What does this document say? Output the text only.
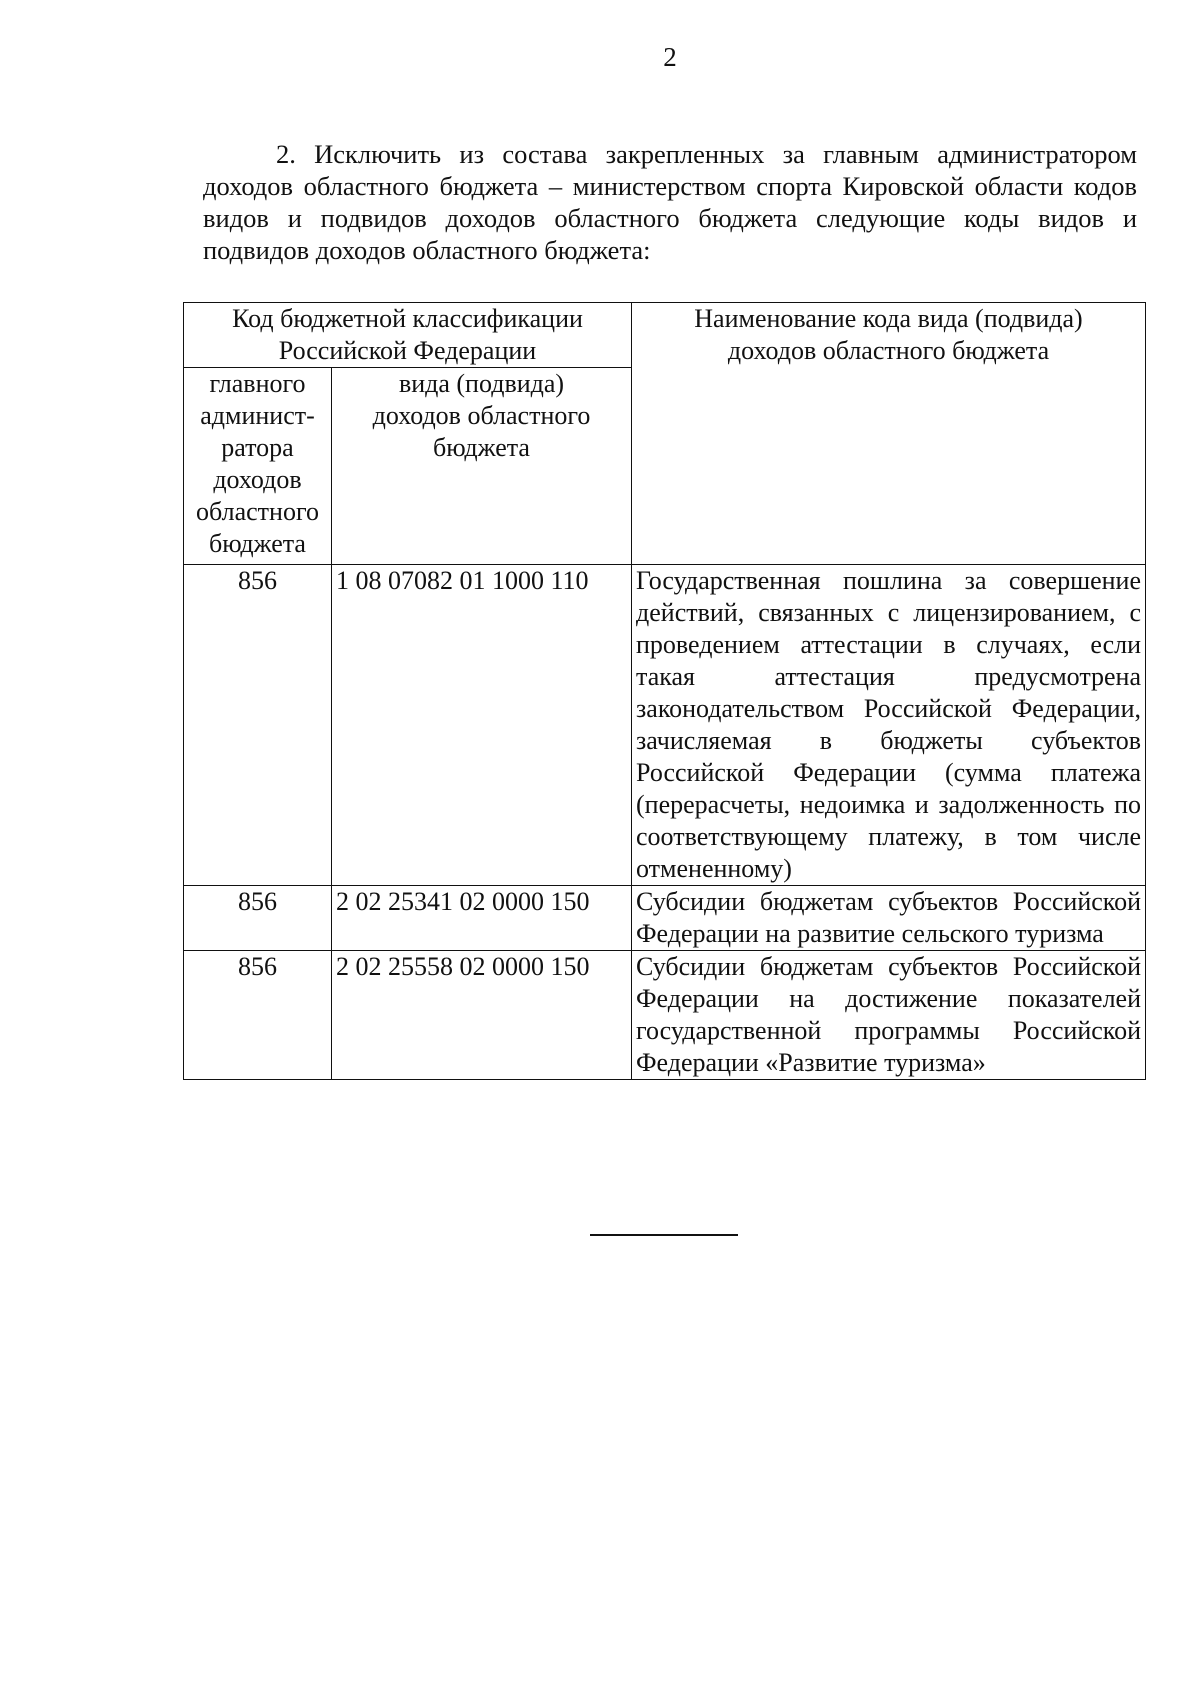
2

2. Исключить из состава закрепленных за главным администратором доходов областного бюджета – министерством спорта Кировской области кодов видов и подвидов доходов областного бюджета следующие коды видов и подвидов доходов областного бюджета:

Код бюджетной классификации Российской Федерации		Наименование кода вида (подвида) доходов областного бюджета
главного админист-ратора доходов областного бюджета	вида (подвида) доходов областного бюджета	
856	1 08 07082 01 1000 110	Государственная пошлина за совершение действий, связанных с лицензированием, с проведением аттестации в случаях, если такая аттестация предусмотрена законодательством Российской Федерации, зачисляемая в бюджеты субъектов Российской Федерации (сумма платежа (перерасчеты, недоимка и задолженность по соответствующему платежу, в том числе отмененному)
856	2 02 25341 02 0000 150	Субсидии бюджетам субъектов Российской Федерации на развитие сельского туризма
856	2 02 25558 02 0000 150	Субсидии бюджетам субъектов Российской Федерации на достижение показателей государственной программы Российской Федерации «Развитие туризма»
